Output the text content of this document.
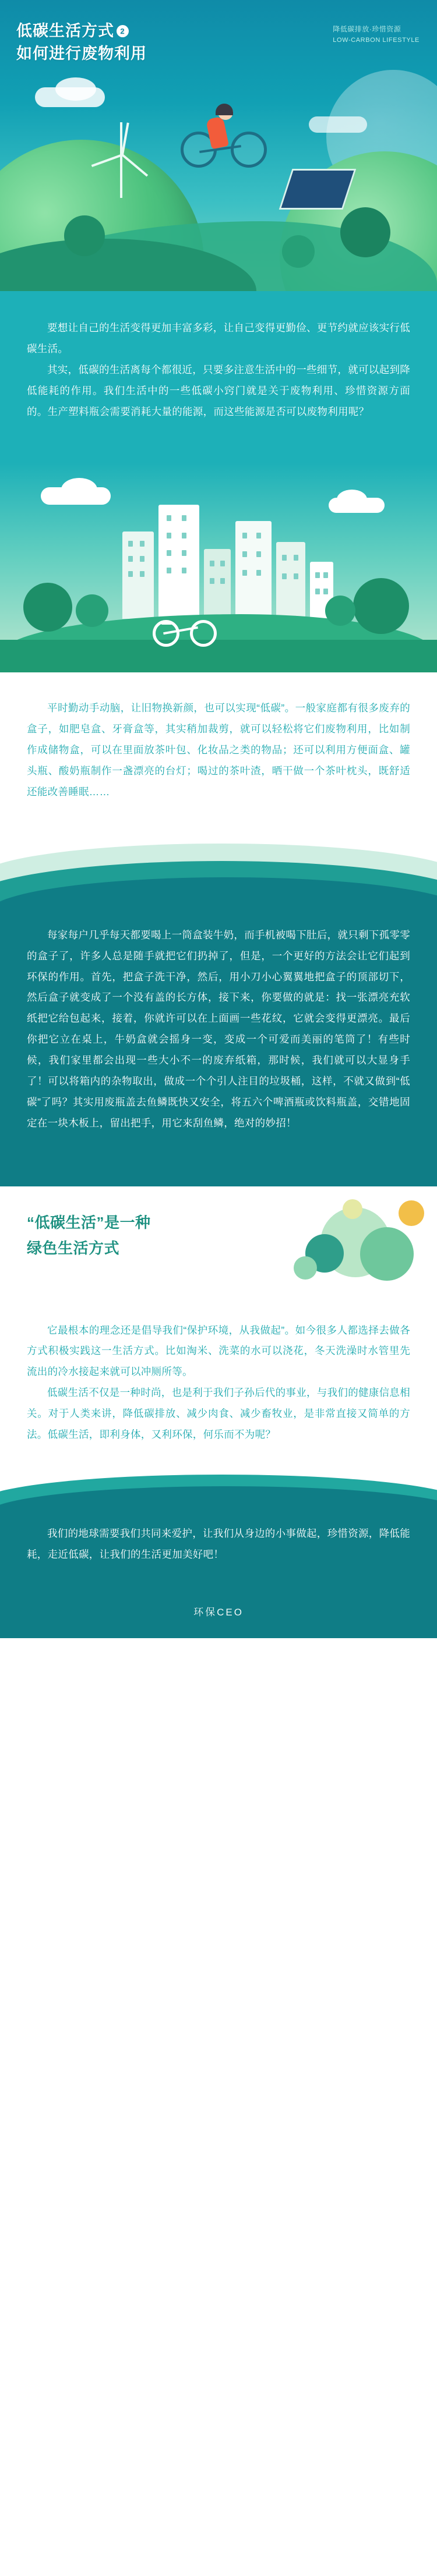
低碳生活方式 2
如何进行废物利用
降低碳排放·珍惜资源
LOW-CARBON LIFESTYLE

要想让自己的生活变得更加丰富多彩，让自己变得更勤俭、更节约就应该实行低碳生活。

其实，低碳的生活离每个都很近，只要多注意生活中的一些细节，就可以起到降低能耗的作用。我们生活中的一些低碳小窍门就是关于废物利用、珍惜资源方面的。生产塑料瓶会需要消耗大量的能源，而这些能源是否可以废物利用呢？

平时勤动手动脑，让旧物换新颜，也可以实现“低碳”。一般家庭都有很多废弃的盒子，如肥皂盒、牙膏盒等，其实稍加裁剪，就可以轻松将它们废物利用，比如制作成储物盒，可以在里面放茶叶包、化妆品之类的物品；还可以利用方便面盒、罐头瓶、酸奶瓶制作一盏漂亮的台灯；喝过的茶叶渣，晒干做一个茶叶枕头，既舒适还能改善睡眠……

每家每户几乎每天都要喝上一筒盒装牛奶，而手机被喝下肚后，就只剩下孤零零的盒子了，许多人总是随手就把它们扔掉了，但是，一个更好的方法会让它们起到环保的作用。首先，把盒子洗干净，然后，用小刀小心翼翼地把盒子的顶部切下，然后盒子就变成了一个没有盖的长方体，接下来，你要做的就是：找一张漂亮充软纸把它给包起来，接着，你就许可以在上面画一些花纹，它就会变得更漂亮。最后你把它立在桌上，牛奶盒就会摇身一变，变成一个可爱而美丽的笔筒了！有些时候，我们家里都会出现一些大小不一的废弃纸箱，那时候，我们就可以大显身手了！可以将箱内的杂物取出，做成一个个引人注目的垃圾桶，这样，不就又做到“低碳”了吗？其实用废瓶盖去鱼鳞既快又安全，将五六个啤酒瓶或饮料瓶盖，交错地固定在一块木板上，留出把手，用它来刮鱼鳞，绝对的妙招！

“低碳生活”是一种
绿色生活方式

它最根本的理念还是倡导我们“保护环境，从我做起”。如今很多人都选择去做各方式积极实践这一生活方式。比如淘米、洗菜的水可以浇花，冬天洗澡时水管里先流出的冷水接起来就可以冲厕所等。

低碳生活不仅是一种时尚，也是利于我们子孙后代的事业，与我们的健康信息相关。对于人类来讲，降低碳排放、减少肉食、减少畜牧业，是非常直接又简单的方法。低碳生活，即利身体，又利环保，何乐而不为呢？

我们的地球需要我们共同来爱护，让我们从身边的小事做起，珍惜资源，降低能耗，走近低碳，让我们的生活更加美好吧！

环保CEO
